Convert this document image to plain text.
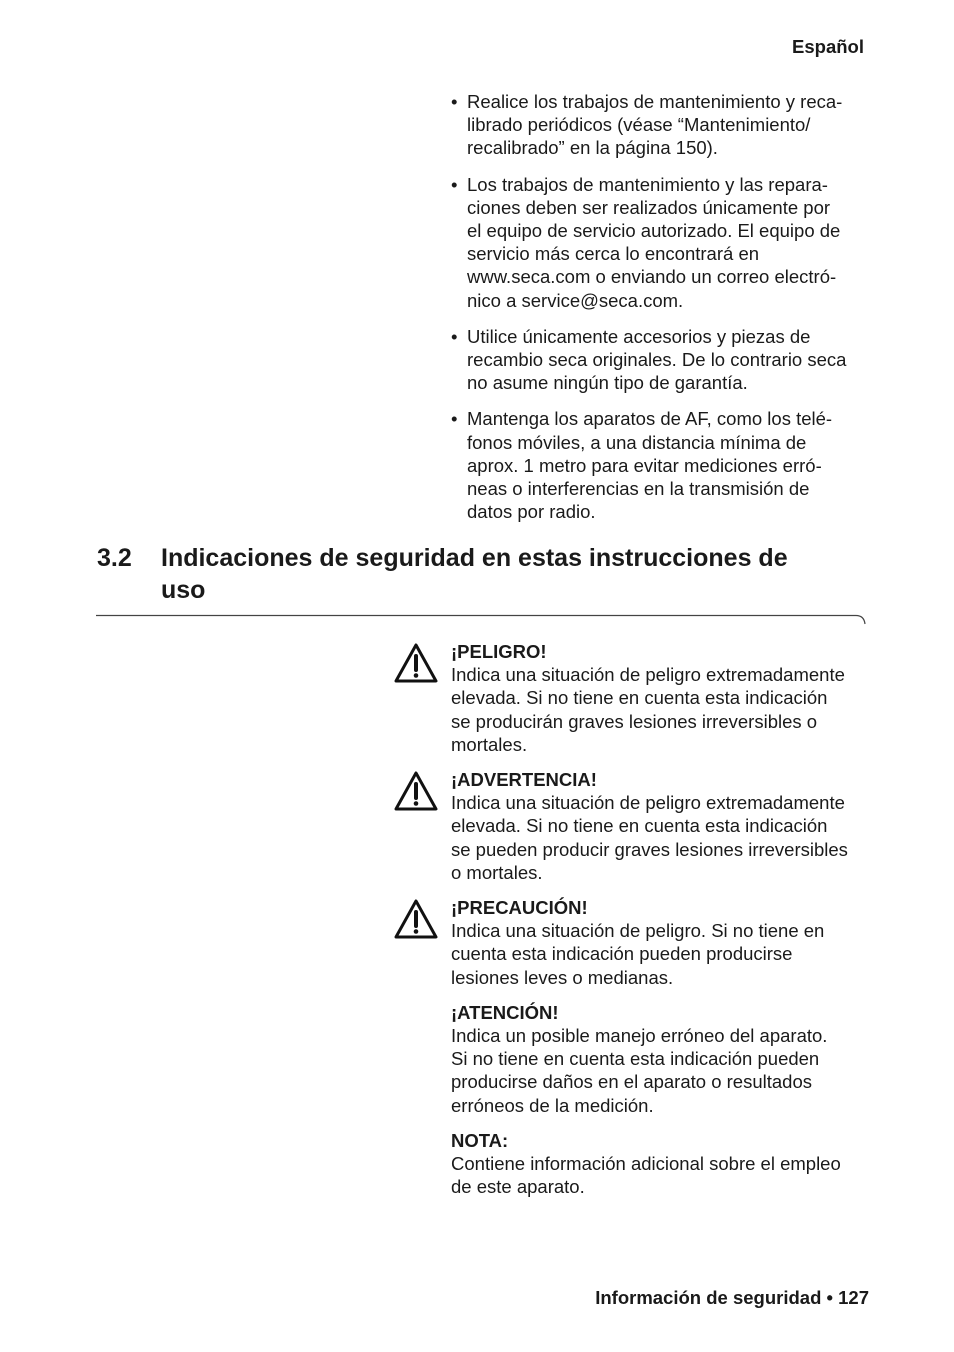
Español
• Realice los trabajos de mantenimiento y reca-
librado periódicos (véase “Mantenimiento/
recalibrado” en la página 150).
• Los trabajos de mantenimiento y las repara-
ciones deben ser realizados únicamente por
el equipo de servicio autorizado. El equipo de
servicio más cerca lo encontrará en
www.seca.com o enviando un correo electró-
nico a service@seca.com.
• Utilice únicamente accesorios y piezas de
recambio seca originales. De lo contrario seca
no asume ningún tipo de garantía.
• Mantenga los aparatos de AF, como los telé-
fonos móviles, a una distancia mínima de
aprox. 1 metro para evitar mediciones erró-
neas o interferencias en la transmisión de
datos por radio.
3.2 Indicaciones de seguridad en estas instrucciones de
uso
¡PELIGRO!
Indica una situación de peligro extremadamente
elevada. Si no tiene en cuenta esta indicación
se producirán graves lesiones irreversibles o
mortales.
¡ADVERTENCIA!
Indica una situación de peligro extremadamente
elevada. Si no tiene en cuenta esta indicación
se pueden producir graves lesiones irreversibles
o mortales.
¡PRECAUCIÓN!
Indica una situación de peligro. Si no tiene en
cuenta esta indicación pueden producirse
lesiones leves o medianas.
¡ATENCIÓN!
Indica un posible manejo erróneo del aparato.
Si no tiene en cuenta esta indicación pueden
producirse daños en el aparato o resultados
erróneos de la medición.
NOTA:
Contiene información adicional sobre el empleo
de este aparato.
Información de seguridad • 127
